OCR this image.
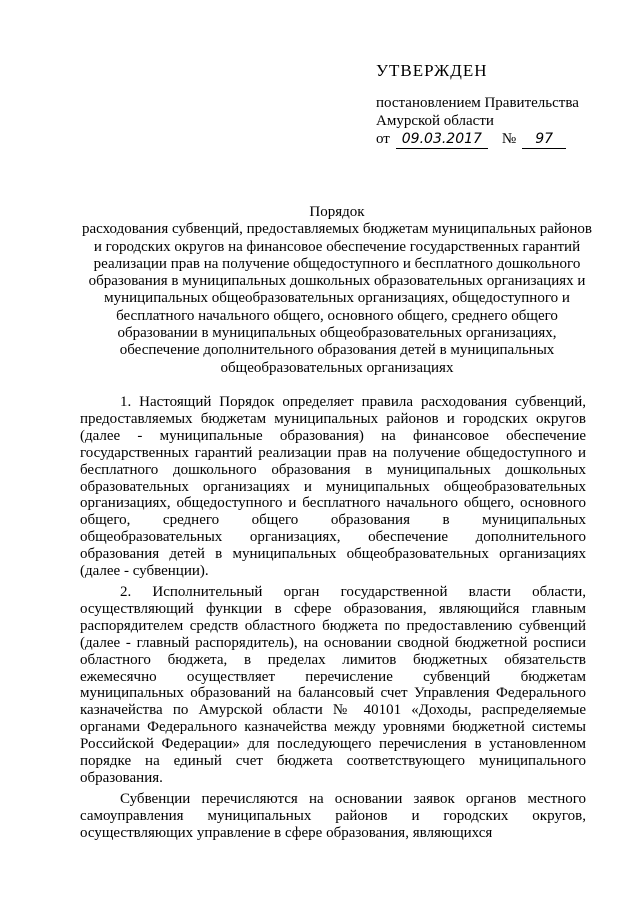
УТВЕРЖДЕН

постановлением Правительства

Амурской области

от 09.03.2017 № 97

Порядок
расходования субвенций, предоставляемых бюджетам муниципальных районов и городских округов на финансовое обеспечение государственных гарантий реализации прав на получение общедоступного и бесплатного дошкольного образования в муниципальных дошкольных образовательных организациях и муниципальных общеобразовательных организациях, общедоступного и бесплатного начального общего, основного общего, среднего общего образовании в муниципальных общеобразовательных организациях, обеспечение дополнительного образования детей в муниципальных общеобразовательных организациях

1. Настоящий Порядок определяет правила расходования субвенций, предоставляемых бюджетам муниципальных районов и городских округов (далее - муниципальные образования) на финансовое обеспечение государственных гарантий реализации прав на получение общедоступного и бесплатного дошкольного образования в муниципальных дошкольных образовательных организациях и муниципальных общеобразовательных организациях, общедоступного и бесплатного начального общего, основного общего, среднего общего образования в муниципальных общеобразовательных организациях, обеспечение дополнительного образования детей в муниципальных общеобразовательных организациях (далее - субвенции).

2. Исполнительный орган государственной власти области, осуществляющий функции в сфере образования, являющийся главным распорядителем средств областного бюджета по предоставлению субвенций (далее - главный распорядитель), на основании сводной бюджетной росписи областного бюджета, в пределах лимитов бюджетных обязательств ежемесячно осуществляет перечисление субвенций бюджетам муниципальных образований на балансовый счет Управления Федерального казначейства по Амурской области № 40101 «Доходы, распределяемые органами Федерального казначейства между уровнями бюджетной системы Российской Федерации» для последующего перечисления в установленном порядке на единый счет бюджета соответствующего муниципального образования.

Субвенции перечисляются на основании заявок органов местного самоуправления муниципальных районов и городских округов, осуществляющих управление в сфере образования, являющихся
